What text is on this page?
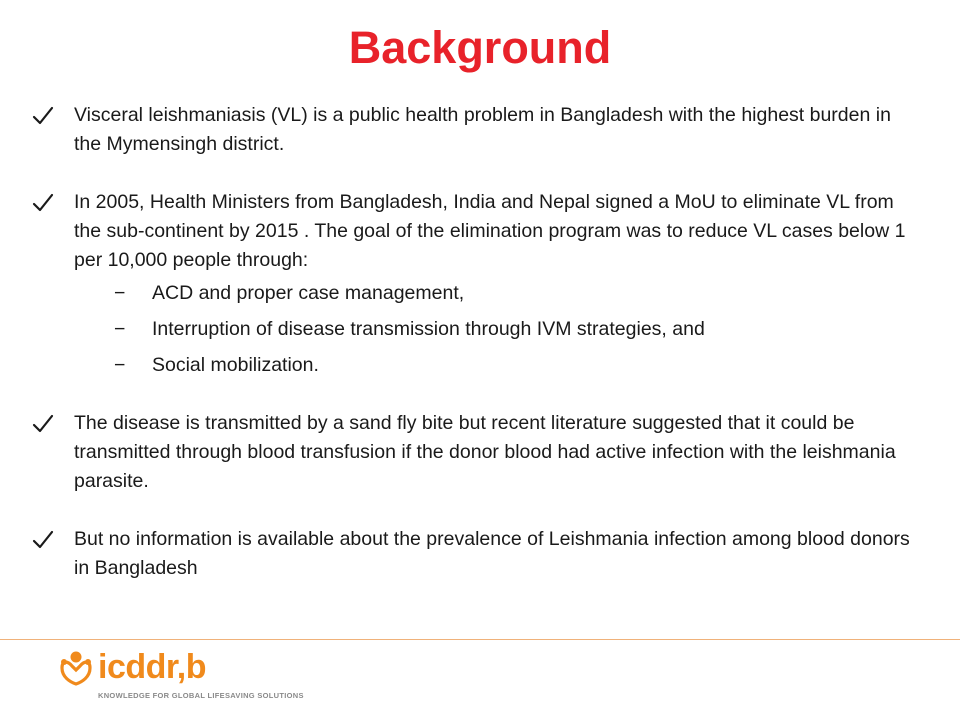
Background
Visceral leishmaniasis (VL) is a public health problem in Bangladesh with the highest burden in the Mymensingh district.
In 2005, Health Ministers from Bangladesh, India and Nepal signed a MoU to eliminate VL from the sub-continent by 2015 . The goal of the elimination program was to reduce VL cases below 1 per 10,000 people through:
− ACD and proper case management,
− Interruption of disease transmission through IVM strategies, and
− Social mobilization.
The disease is transmitted by a sand fly bite but recent literature suggested that it could be transmitted through blood transfusion if the donor blood had active infection with the leishmania parasite.
But no information is available about the prevalence of Leishmania infection among blood donors in Bangladesh
icddr,b
KNOWLEDGE FOR GLOBAL LIFESAVING SOLUTIONS
